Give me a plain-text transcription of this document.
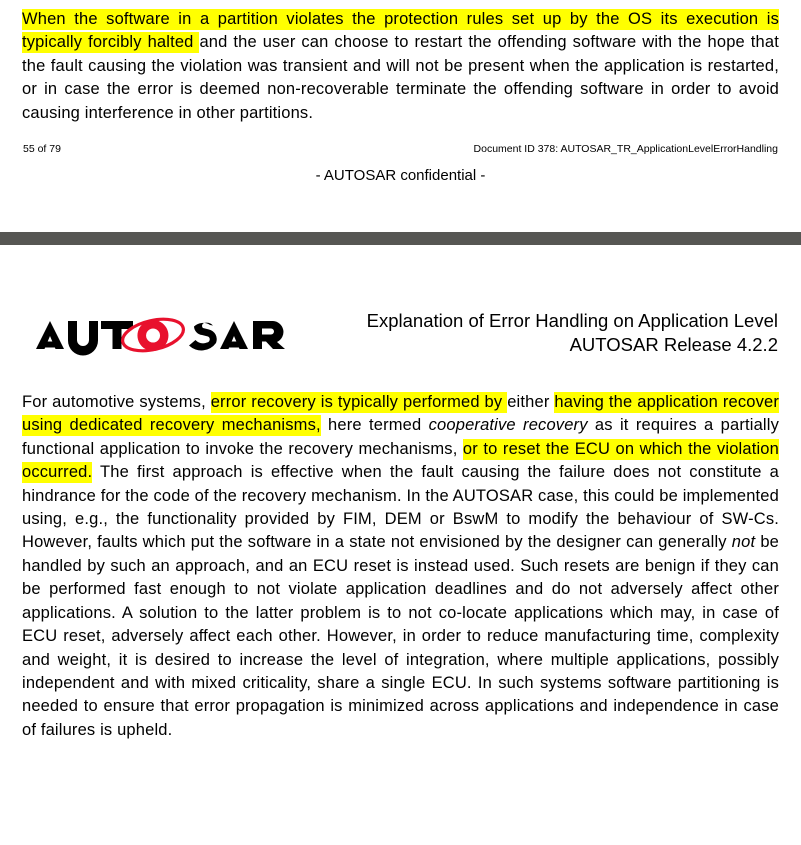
When the software in a partition violates the protection rules set up by the OS its execution is typically forcibly halted and the user can choose to restart the offending software with the hope that the fault causing the violation was transient and will not be present when the application is restarted, or in case the error is deemed non-recoverable terminate the offending software in order to avoid causing interference in other partitions.

55 of 79	Document ID 378: AUTOSAR_TR_ApplicationLevelErrorHandling
- AUTOSAR confidential -
Explanation of Error Handling on Application Level
AUTOSAR Release 4.2.2

For automotive systems, error recovery is typically performed by either having the application recover using dedicated recovery mechanisms, here termed cooperative recovery as it requires a partially functional application to invoke the recovery mechanisms, or to reset the ECU on which the violation occurred. The first approach is effective when the fault causing the failure does not constitute a hindrance for the code of the recovery mechanism. In the AUTOSAR case, this could be implemented using, e.g., the functionality provided by FIM, DEM or BswM to modify the behaviour of SW-Cs. However, faults which put the software in a state not envisioned by the designer can generally not be handled by such an approach, and an ECU reset is instead used. Such resets are benign if they can be performed fast enough to not violate application deadlines and do not adversely affect other applications. A solution to the latter problem is to not co-locate applications which may, in case of ECU reset, adversely affect each other. However, in order to reduce manufacturing time, complexity and weight, it is desired to increase the level of integration, where multiple applications, possibly independent and with mixed criticality, share a single ECU. In such systems software partitioning is needed to ensure that error propagation is minimized across applications and independence in case of failures is upheld.
